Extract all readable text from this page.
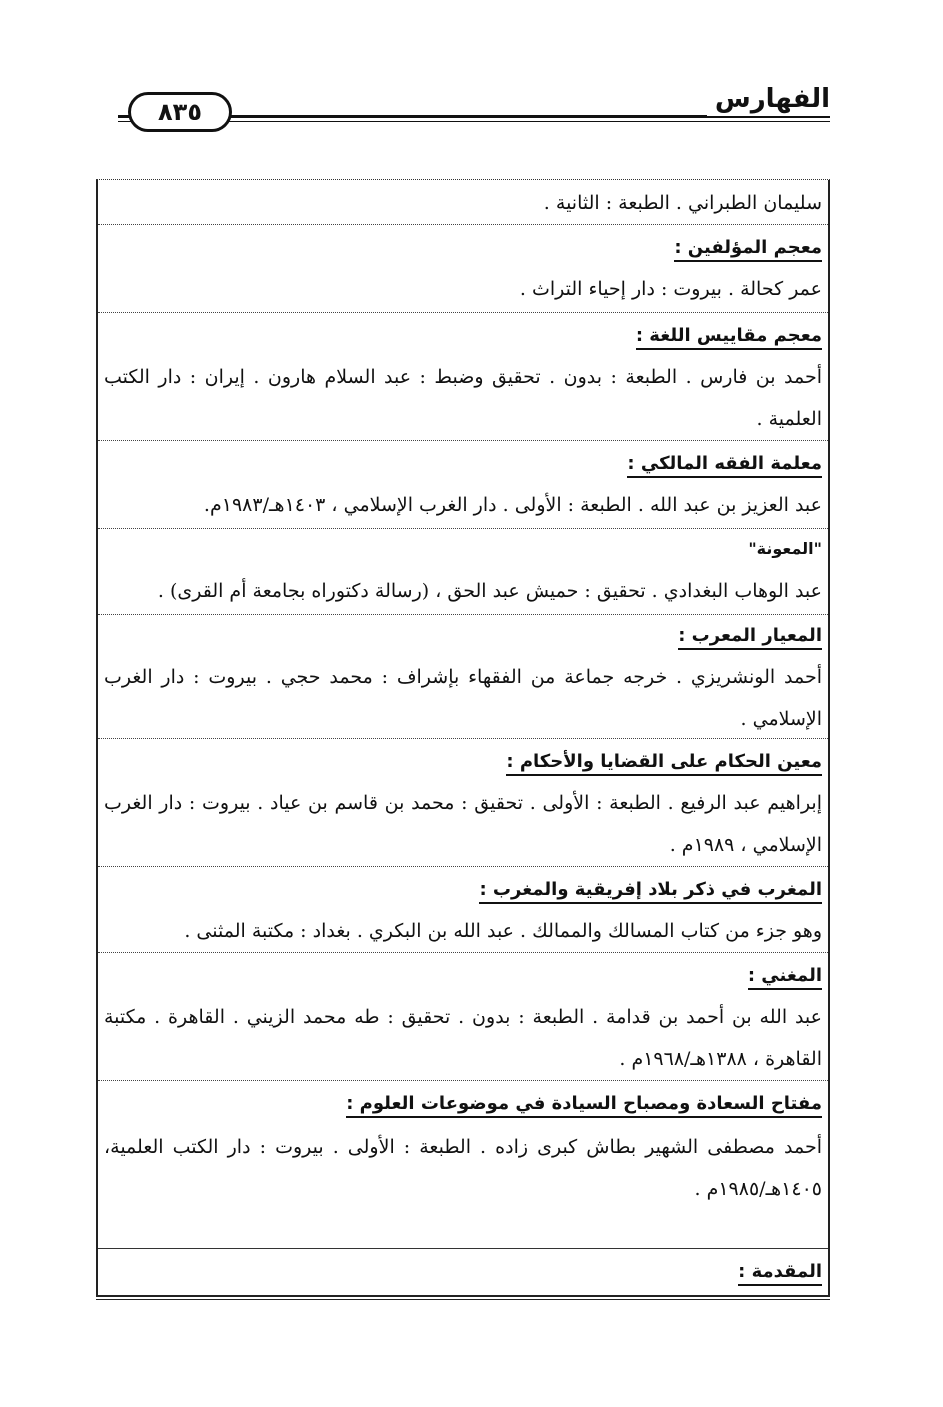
٨٣٥	الفهارس
سليمان الطبراني . الطبعة : الثانية .
معجم المؤلفين :
عمر كحالة . بيروت : دار إحياء التراث .
معجم مقاييس اللغة :
أحمد بن فارس . الطبعة : بدون . تحقيق وضبط : عبد السلام هارون . إيران : دار الكتب العلمية .
معلمة الفقه المالكي :
عبد العزيز بن عبد الله . الطبعة : الأولى . دار الغرب الإسلامي ، ١٤٠٣هـ/١٩٨٣م.
"المعونة"
عبد الوهاب البغدادي . تحقيق : حميش عبد الحق ، (رسالة دكتوراه بجامعة أم القرى) .
المعيار المعرب :
أحمد الونشريزي . خرجه جماعة من الفقهاء بإشراف : محمد حجي . بيروت : دار الغرب الإسلامي .
معين الحكام على القضايا والأحكام :
إبراهيم عبد الرفيع . الطبعة : الأولى . تحقيق : محمد بن قاسم بن عياد . بيروت : دار الغرب الإسلامي ، ١٩٨٩م .
المغرب في ذكر بلاد إفريقية والمغرب :
وهو جزء من كتاب المسالك والممالك . عبد الله بن البكري . بغداد : مكتبة المثنى .
المغني :
عبد الله بن أحمد بن قدامة . الطبعة : بدون . تحقيق : طه محمد الزيني . القاهرة . مكتبة القاهرة ، ١٣٨٨هـ/١٩٦٨م .
مفتاح السعادة ومصباح السيادة في موضوعات العلوم :
أحمد مصطفى الشهير بطاش كبرى زاده . الطبعة : الأولى . بيروت : دار الكتب العلمية، ١٤٠٥هـ/١٩٨٥م .
المقدمة :
